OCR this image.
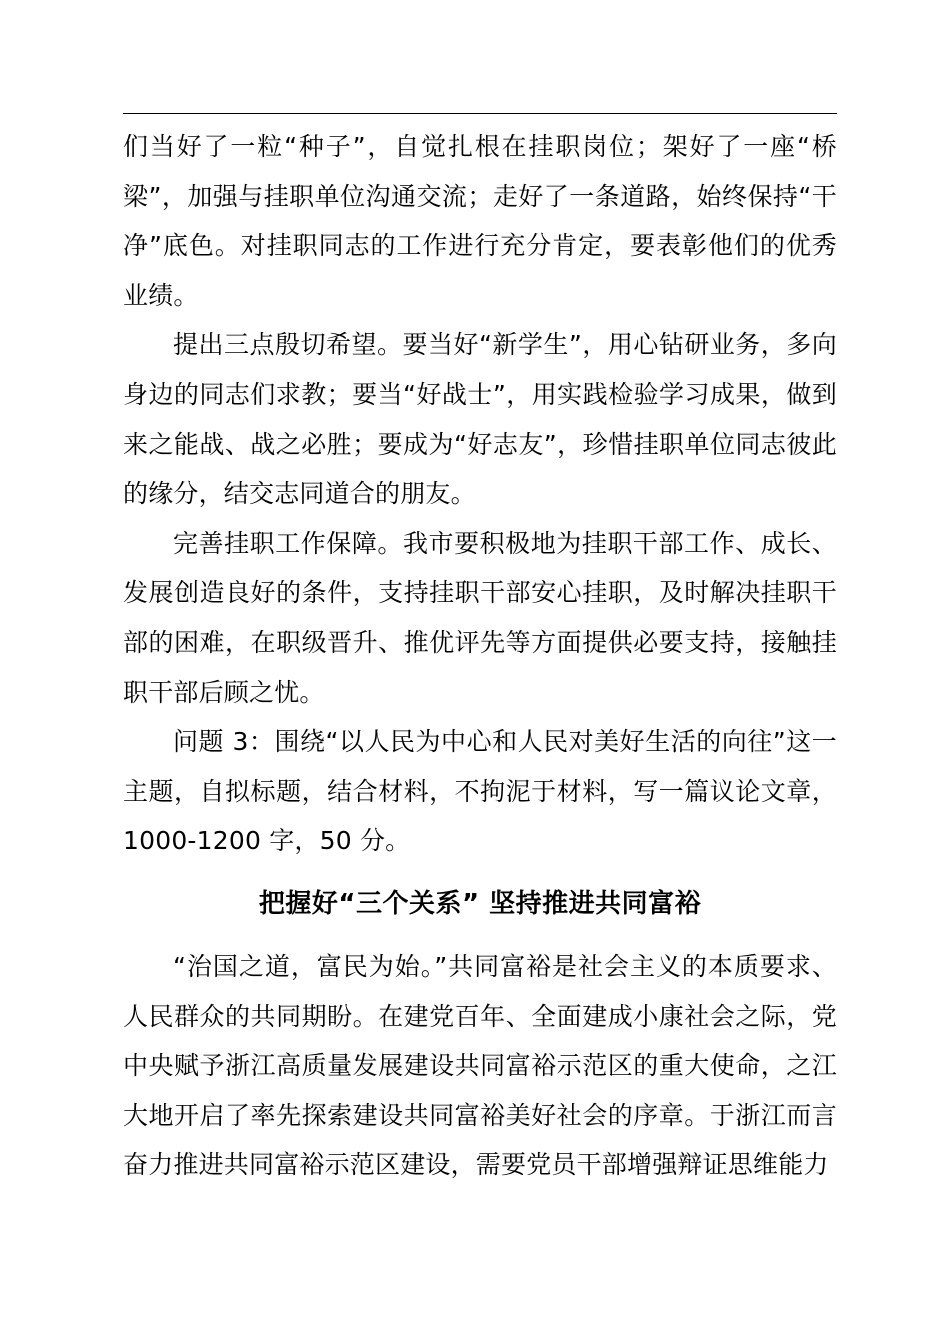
们当好了一粒“种子”，自觉扎根在挂职岗位；架好了一座“桥梁”，加强与挂职单位沟通交流；走好了一条道路，始终保持“干净”底色。对挂职同志的工作进行充分肯定，要表彰他们的优秀业绩。

提出三点殷切希望。要当好“新学生”，用心钻研业务，多向身边的同志们求教；要当“好战士”，用实践检验学习成果，做到来之能战、战之必胜；要成为“好志友”，珍惜挂职单位同志彼此的缘分，结交志同道合的朋友。

完善挂职工作保障。我市要积极地为挂职干部工作、成长、发展创造良好的条件，支持挂职干部安心挂职，及时解决挂职干部的困难，在职级晋升、推优评先等方面提供必要支持，接触挂职干部后顾之忧。

问题 3：围绕“以人民为中心和人民对美好生活的向往”这一主题，自拟标题，结合材料，不拘泥于材料，写一篇议论文章，1000-1200 字，50 分。

把握好“三个关系” 坚持推进共同富裕

“治国之道，富民为始。”共同富裕是社会主义的本质要求、人民群众的共同期盼。在建党百年、全面建成小康社会之际，党中央赋予浙江高质量发展建设共同富裕示范区的重大使命，之江大地开启了率先探索建设共同富裕美好社会的序章。于浙江而言奋力推进共同富裕示范区建设，需要党员干部增强辩证思维能力
